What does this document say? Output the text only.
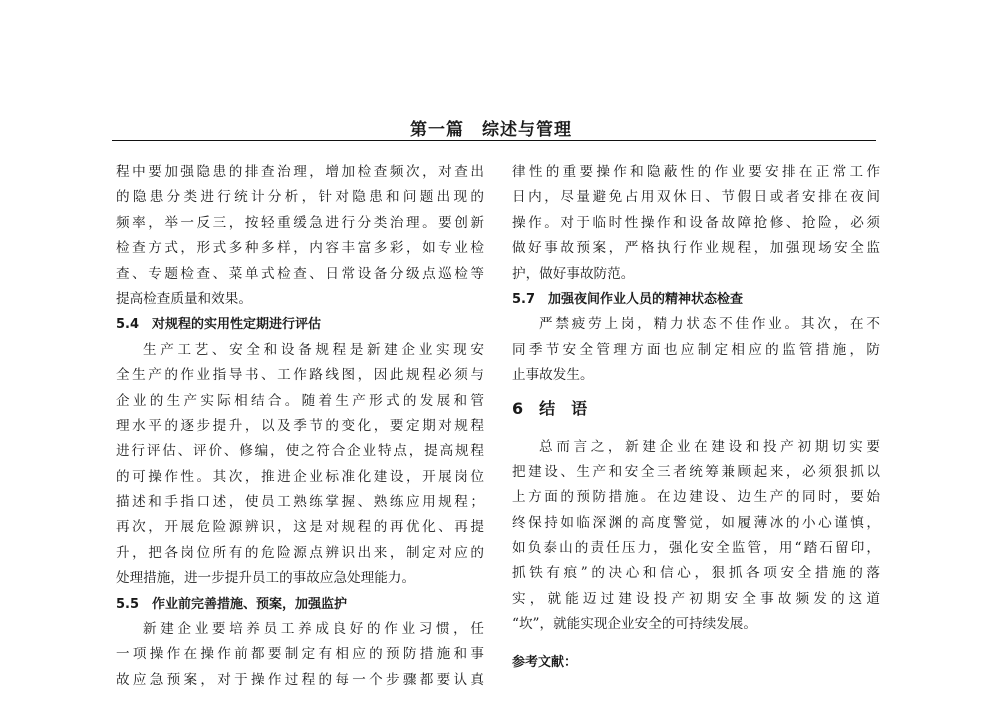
第一篇　综述与管理
程中要加强隐患的排查治理，增加检查频次，对查出
的隐患分类进行统计分析，针对隐患和问题出现的
频率，举一反三，按轻重缓急进行分类治理。要创新
检查方式，形式多种多样，内容丰富多彩，如专业检
查、专题检查、菜单式检查、日常设备分级点巡检等
提高检查质量和效果。
5.4　对规程的实用性定期进行评估
生产工艺、安全和设备规程是新建企业实现安
全生产的作业指导书、工作路线图，因此规程必须与
企业的生产实际相结合。随着生产形式的发展和管
理水平的逐步提升，以及季节的变化，要定期对规程
进行评估、评价、修编，使之符合企业特点，提高规程
的可操作性。其次，推进企业标准化建设，开展岗位
描述和手指口述，使员工熟练掌握、熟练应用规程；
再次，开展危险源辨识，这是对规程的再优化、再提
升，把各岗位所有的危险源点辨识出来，制定对应的
处理措施，进一步提升员工的事故应急处理能力。
5.5　作业前完善措施、预案，加强监护
新建企业要培养员工养成良好的作业习惯，任
一项操作在操作前都要制定有相应的预防措施和事
故应急预案，对于操作过程的每一个步骤都要认真
律性的重要操作和隐蔽性的作业要安排在正常工作
日内，尽量避免占用双休日、节假日或者安排在夜间
操作。对于临时性操作和设备故障抢修、抢险，必须
做好事故预案，严格执行作业规程，加强现场安全监
护，做好事故防范。
5.7　加强夜间作业人员的精神状态检查
严禁疲劳上岗，精力状态不佳作业。其次，在不
同季节安全管理方面也应制定相应的监管措施，防
止事故发生。
6　结　语
总而言之，新建企业在建设和投产初期切实要
把建设、生产和安全三者统筹兼顾起来，必须狠抓以
上方面的预防措施。在边建设、边生产的同时，要始
终保持如临深渊的高度警觉，如履薄冰的小心谨慎，
如负泰山的责任压力，强化安全监管，用“踏石留印，
抓铁有痕”的决心和信心，狠抓各项安全措施的落
实，就能迈过建设投产初期安全事故频发的这道
“坎”，就能实现企业安全的可持续发展。
参考文献：
